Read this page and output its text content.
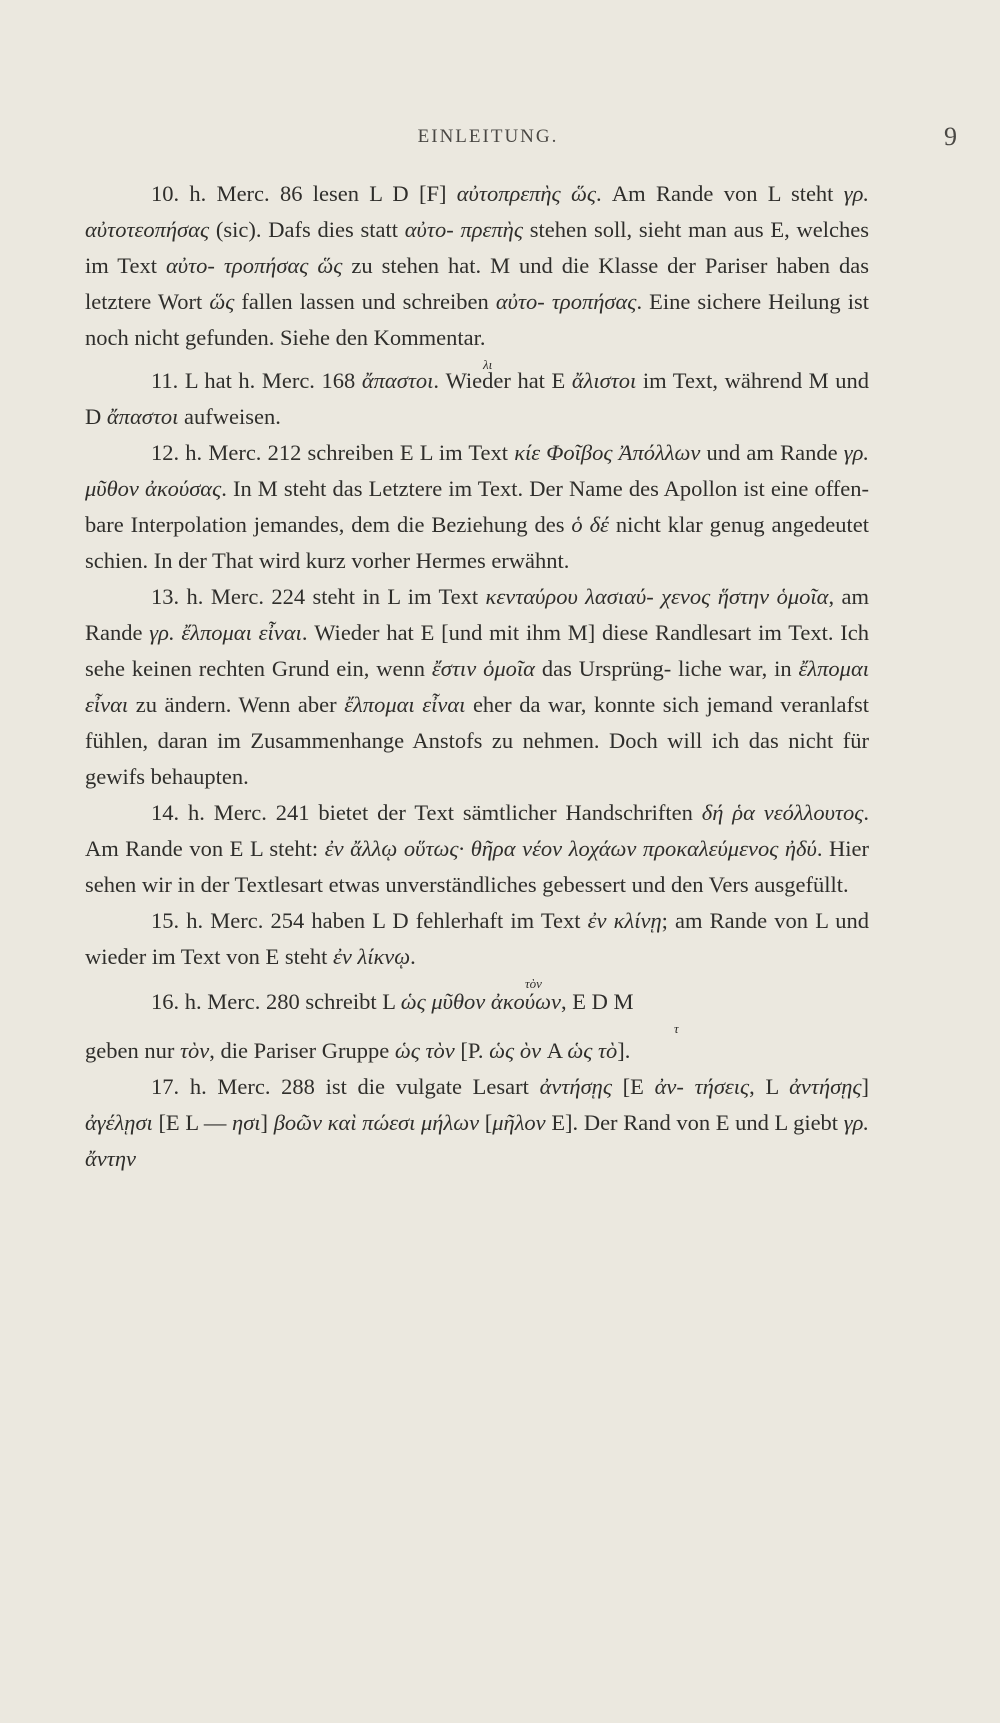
EINLEITUNG.	9

10. h. Merc. 86 lesen L D [F] αὐτοπρεπὴς ὥς. Am Rande von L steht γρ. αὐτοτεοπήσας (sic). Dafs dies statt αὐτο- πρεπὴς stehen soll, sieht man aus E, welches im Text αὐτο- τροπήσας ὥς zu stehen hat. M und die Klasse der Pariser haben das letztere Wort ὥς fallen lassen und schreiben αὐτο- τροπήσας. Eine sichere Heilung ist noch nicht gefunden. Siehe den Kommentar.

λι

11. L hat h. Merc. 168 ἄπαστοι. Wieder hat E ἄλιστοι im Text, während M und D ἄπαστοι aufweisen.

12. h. Merc. 212 schreiben E L im Text κίε Φοῖβος Ἀπόλλων und am Rande γρ. μῦθον ἀκούσας. In M steht das Letztere im Text. Der Name des Apollon ist eine offen- bare Interpolation jemandes, dem die Beziehung des ὁ δέ nicht klar genug angedeutet schien. In der That wird kurz vorher Hermes erwähnt.

13. h. Merc. 224 steht in L im Text κενταύρου λασιαύ- χενος ἥστην ὁμοῖα, am Rande γρ. ἔλπομαι εἶναι. Wieder hat E [und mit ihm M] diese Randlesart im Text. Ich sehe keinen rechten Grund ein, wenn ἔστιν ὁμοῖα das Ursprüng- liche war, in ἔλπομαι εἶναι zu ändern. Wenn aber ἔλπομαι εἶναι eher da war, konnte sich jemand veranlafst fühlen, daran im Zusammenhange Anstofs zu nehmen. Doch will ich das nicht für gewifs behaupten.

14. h. Merc. 241 bietet der Text sämtlicher Handschriften δή ῥα νεόλλουτος. Am Rande von E L steht: ἐν ἄλλῳ οὕτως· θῆρα νέον λοχάων προκαλεύμενος ἠδύ. Hier sehen wir in der Textlesart etwas unverständliches gebessert und den Vers ausgefüllt.

15. h. Merc. 254 haben L D fehlerhaft im Text ἐν κλίνῃ; am Rande von L und wieder im Text von E steht ἐν λίκνῳ.

τὸν

16. h. Merc. 280 schreibt L ὡς μῦθον ἀκούων, E D M

τ

geben nur τὸν, die Pariser Gruppe ὡς τὸν [P. ὡς ὸν A ὡς τὸ].

17. h. Merc. 288 ist die vulgate Lesart ἀντήσῃς [E ἀν- τήσεις, L ἀντήσῃς] ἀγέλῃσι [E L — ησι] βοῶν καὶ πώεσι μήλων [μῆλον E]. Der Rand von E und L giebt γρ. ἄντην
